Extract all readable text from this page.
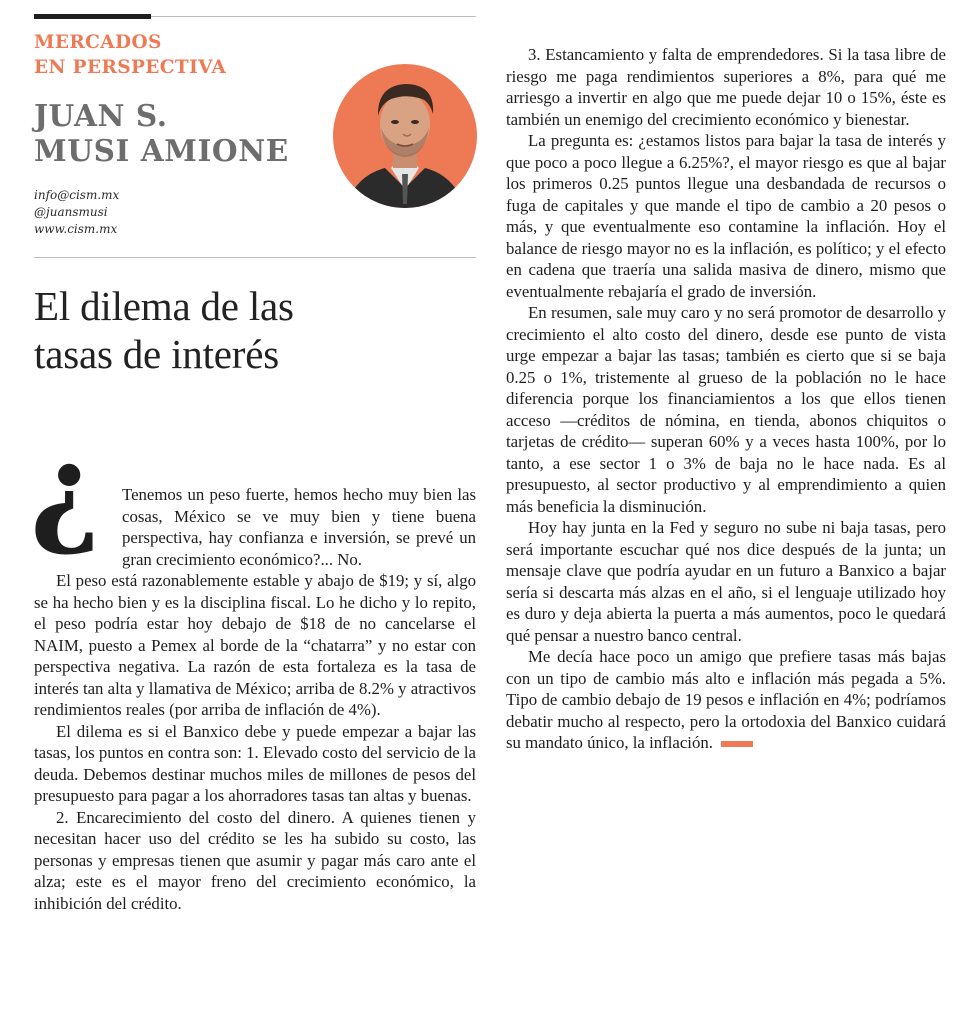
MERCADOS
EN PERSPECTIVA
JUAN S.
MUSI AMIONE
info@cism.mx
@juansmusi
www.cism.mx
El dilema de las
tasas de interés
¿ Tenemos un peso fuerte, hemos hecho muy bien las cosas, México se ve muy bien y tiene buena perspectiva, hay confianza e inversión, se prevé un gran crecimiento económico?... No.

El peso está razonablemente estable y abajo de $19; y sí, algo se ha hecho bien y es la disciplina fiscal. Lo he dicho y lo repito, el peso podría estar hoy debajo de $18 de no cancelarse el NAIM, puesto a Pemex al borde de la “chatarra” y no estar con perspectiva negativa. La razón de esta fortaleza es la tasa de interés tan alta y llamativa de México; arriba de 8.2% y atractivos rendimientos reales (por arriba de inflación de 4%).

El dilema es si el Banxico debe y puede empezar a bajar las tasas, los puntos en contra son: 1. Elevado costo del servicio de la deuda. Debemos destinar muchos miles de millones de pesos del presupuesto para pagar a los ahorradores tasas tan altas y buenas.

2. Encarecimiento del costo del dinero. A quienes tienen y necesitan hacer uso del crédito se les ha subido su costo, las personas y empresas tienen que asumir y pagar más caro ante el alza; este es el mayor freno del crecimiento económico, la inhibición del crédito.

3. Estancamiento y falta de emprendedores. Si la tasa libre de riesgo me paga rendimientos superiores a 8%, para qué me arriesgo a invertir en algo que me puede dejar 10 o 15%, éste es también un enemigo del crecimiento económico y bienestar.

La pregunta es: ¿estamos listos para bajar la tasa de interés y que poco a poco llegue a 6.25%?, el mayor riesgo es que al bajar los primeros 0.25 puntos llegue una desbandada de recursos o fuga de capitales y que mande el tipo de cambio a 20 pesos o más, y que eventualmente eso contamine la inflación. Hoy el balance de riesgo mayor no es la inflación, es político; y el efecto en cadena que traería una salida masiva de dinero, mismo que eventualmente rebajaría el grado de inversión.

En resumen, sale muy caro y no será promotor de desarrollo y crecimiento el alto costo del dinero, desde ese punto de vista urge empezar a bajar las tasas; también es cierto que si se baja 0.25 o 1%, tristemente al grueso de la población no le hace diferencia porque los financiamientos a los que ellos tienen acceso —créditos de nómina, en tienda, abonos chiquitos o tarjetas de crédito— superan 60% y a veces hasta 100%, por lo tanto, a ese sector 1 o 3% de baja no le hace nada. Es al presupuesto, al sector productivo y al emprendimiento a quien más beneficia la disminución.

Hoy hay junta en la Fed y seguro no sube ni baja tasas, pero será importante escuchar qué nos dice después de la junta; un mensaje clave que podría ayudar en un futuro a Banxico a bajar sería si descarta más alzas en el año, si el lenguaje utilizado hoy es duro y deja abierta la puerta a más aumentos, poco le quedará qué pensar a nuestro banco central.

Me decía hace poco un amigo que prefiere tasas más bajas con un tipo de cambio más alto e inflación más pegada a 5%. Tipo de cambio debajo de 19 pesos e inflación en 4%; podríamos debatir mucho al respecto, pero la ortodoxia del Banxico cuidará su mandato único, la inflación.
